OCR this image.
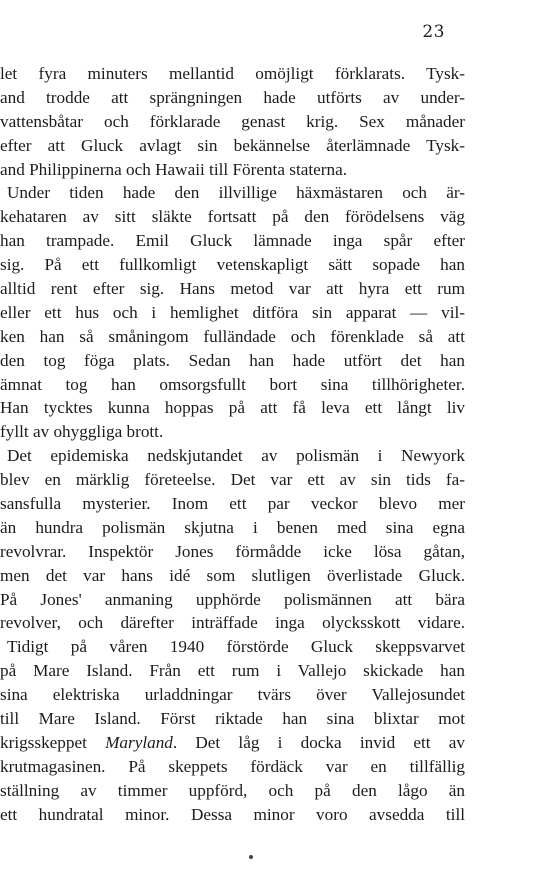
23
let fyra minuters mellantid omöjligt förklarats. Tysk-
and trodde att sprängningen hade utförts av under-
vattensbåtar och förklarade genast krig. Sex månader
efter att Gluck avlagt sin bekännelse återlämnade Tysk-
and Philippinerna och Hawaii till Förenta staterna.
Under tiden hade den illvillige häxmästaren och är-
kehataren av sitt släkte fortsatt på den förödelsens väg
han trampade. Emil Gluck lämnade inga spår efter
sig. På ett fullkomligt vetenskapligt sätt sopade han
alltid rent efter sig. Hans metod var att hyra ett rum
eller ett hus och i hemlighet ditföra sin apparat — vil-
ken han så småningom fulländade och förenklade så att
den tog föga plats. Sedan han hade utfört det han
ämnat tog han omsorgsfullt bort sina tillhörigheter.
Han tycktes kunna hoppas på att få leva ett långt liv
fyllt av ohyggliga brott.
Det epidemiska nedskjutandet av polismän i Newyork
blev en märklig företeelse. Det var ett av sin tids fa-
sansfulla mysterier. Inom ett par veckor blevo mer
än hundra polismän skjutna i benen med sina egna
revolvrar. Inspektör Jones förmådde icke lösa gåtan,
men det var hans idé som slutligen överlistade Gluck.
På Jones' anmaning upphörde polismännen att bära
revolver, och därefter inträffade inga olycksskott vidare.
Tidigt på våren 1940 förstörde Gluck skeppsvarvet
på Mare Island. Från ett rum i Vallejo skickade han
sina elektriska urladdningar tvärs över Vallejosundet
till Mare Island. Först riktade han sina blixtar mot
krigsskeppet Maryland. Det låg i docka invid ett av
krutmagasinen. På skeppets fördäck var en tillfällig
ställning av timmer uppförd, och på den lågo än
ett hundratal minor. Dessa minor voro avsedda till
